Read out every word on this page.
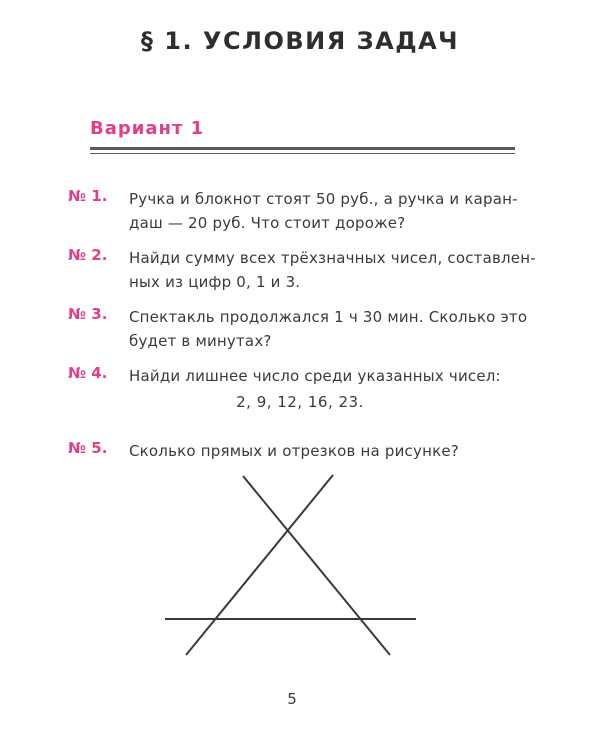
§ 1. УСЛОВИЯ ЗАДАЧ
Вариант 1
№ 1. Ручка и блокнот стоят 50 руб., а ручка и каран-
даш — 20 руб. Что стоит дороже?
№ 2. Найди сумму всех трёхзначных чисел, составлен-
ных из цифр 0, 1 и 3.
№ 3. Спектакль продолжался 1 ч 30 мин. Сколько это
будет в минутах?
№ 4. Найди лишнее число среди указанных чисел:
2, 9, 12, 16, 23.
№ 5. Сколько прямых и отрезков на рисунке?
5
